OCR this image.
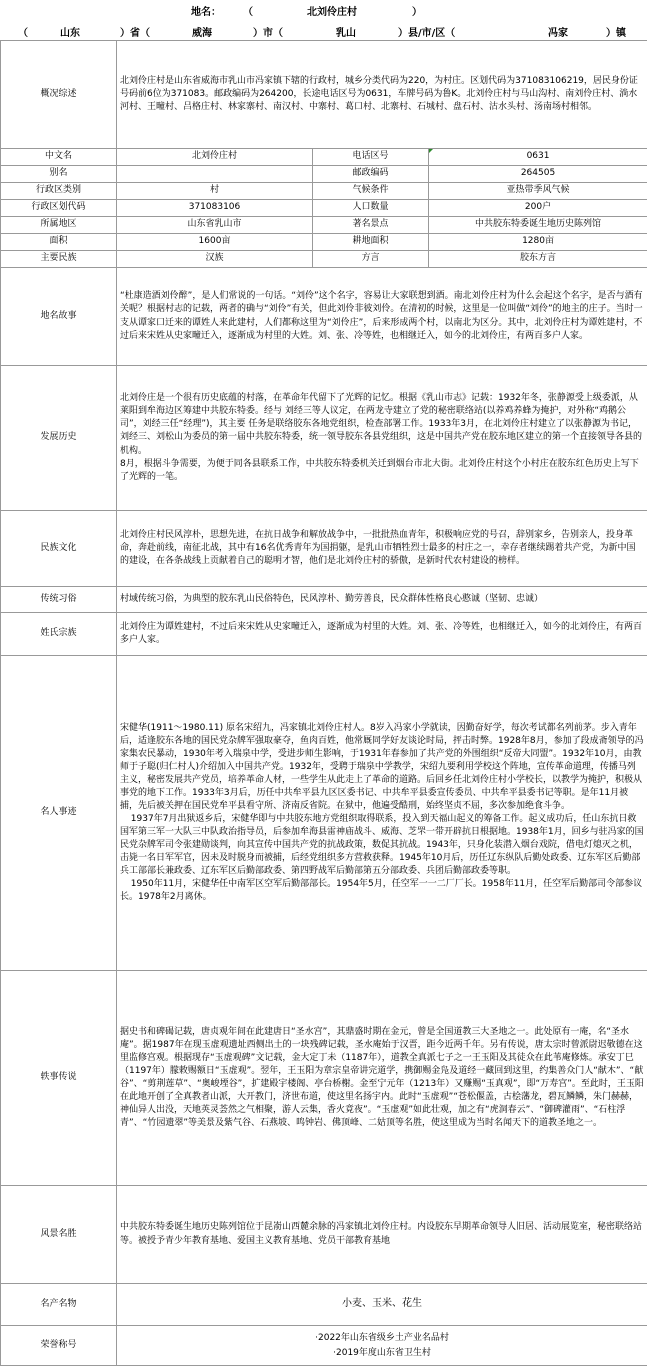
地名： （	北刘伶庄村	）
（	山东	）省（	威海	）市（	乳山	）县/市/区（	冯家	）镇
概况综述	北刘伶庄村是山东省威海市乳山市冯家镇下辖的行政村，城乡分类代码为220，为村庄。区划代码为371083106219，居民身份证号码前6位为371083。邮政编码为264200，长途电话区号为0631，车牌号码为鲁K。北刘伶庄村与马山沟村、南刘伶庄村、淌水河村、王疃村、吕格庄村、林家寨村、南汉村、中寨村、葛口村、北寨村、石城村、盘石村、沽水头村、汤南场村相邻。		
中文名	北刘伶庄村	电话区号	0631
别名		邮政编码	264505
行政区类别	村	气候条件	亚热带季风气候
行政区划代码	371083106	人口数量	200户
所属地区	山东省乳山市	著名景点	中共胶东特委诞生地历史陈列馆
面积	1600亩	耕地面积	1280亩
主要民族	汉族	方言	胶东方言
地名故事	“杜康造酒刘伶醉”，是人们常说的一句话。“刘伶”这个名字，容易让大家联想到酒。南北刘伶庄村为什么会起这个名字，是否与酒有关呢？根据村志的记载，两者的确与“刘伶”有关，但此刘伶非彼刘伶。在清初的时候，这里是一位叫做“刘伶”的地主的庄子。当时一支从谭家口迁来的谭姓人来此建村，人们都称这里为“刘伶庄”，后来形成两个村，以南北为区分。其中，北刘伶庄村为谭姓建村，不过后来宋姓从史家疃迁入，逐渐成为村里的大姓。刘、张、冷等姓，也相继迁入，如今的北刘伶庄，有两百多户人家。		
发展历史	北刘伶庄是一个很有历史底蕴的村落，在革命年代留下了光辉的记忆。根据《乳山市志》记载：1932年冬，张静源受上级委派，从莱阳到牟海边区筹建中共胶东特委。经与 刘经三等人议定，在两龙寺建立了党的秘密联络站(以养鸡养蜂为掩护，对外称“鸡鹅公司”，刘经三任“经理”)，其主要 任务是联络胶东各地党组织，检查部署工作。1933年3月，在北刘伶庄村建立了以张静源为书记，刘经三、刘松山为委员的第一届中共胶东特委，统一领导胶东各县党组织，这是中国共产党在胶东地区建立的第一个直接领导各县的机构。

8月，根据斗争需要，为便于同各县联系工作，中共胶东特委机关迁到烟台市北大街。北刘伶庄村这个小村庄在胶东红色历史上写下了光辉的一笔。		

民族文化	北刘伶庄村民风淳朴，思想先进，在抗日战争和解放战争中，一批批热血青年，积极响应党的号召，辞别家乡，告别亲人，投身革命，奔赴前线，南征北战，其中有16名优秀青年为国捐躯，是乳山市牺牲烈士最多的村庄之一，幸存者继续踢着共产党，为新中国的建设，在各条战线上贡献着自己的聪明才智，他们是北刘伶庄村的骄傲，是新时代农村建设的榜样。		
传统习俗	村域传统习俗，为典型的胶东乳山民俗特色，民风淳朴、勤劳善良，民众群体性格良心憨诚（坚韧、忠诚）		
姓氏宗族	北刘伶庄为谭姓建村，不过后来宋姓从史家疃迁入，逐渐成为村里的大姓。刘、张、冷等姓，也相继迁入，如今的北刘伶庄，有两百多户人家。		
名人事迹	宋健华(1911～1980.11) 原名宋绍九，冯家镇北刘伶庄村人。8岁入冯家小学就读，因勤奋好学，每次考试都名列前茅。步入青年后，适逢胶东各地的国民党杂牌军强取豪夺，鱼肉百姓，他常厩同学好友谈论时局，抨击时弊。1928年8月，参加了段成斋领导的冯家集农民暴动，1930年考入瑞泉中学，受进步师生影响，于1931年春参加了共产党的外围组织“反帝大同盟”。1932年10月，由教师于子聪(归仁村人)介绍加入中国共产党。1932年，受聘于瑞泉中学教学，宋绍九要利用学校这个阵地，宣传革命道理，传播马列主义，秘密发展共产党员，培养革命人材，一些学生从此走上了革命的道路。后回乡任北刘伶庄村小学校长，以教学为掩护，积极从事党的地下工作。1933年3月后，历任中共牟平县九区区委书记、中共牟平县委宣传委员、中共牟平县委书记等职。是年11月被捕，先后被关押在国民党牟平县看守所、济南反省院。在狱中，他遍受酷刑，始终坚贞不屈，多次参加绝食斗争。

1937年7月出狱返乡后，宋健华即与中共胶东地方党组织取得联系，投入到天福山起义的筹备工作。起义成功后，任山东抗日救国军第三军一大队三中队政治指导员，后参加牟海县雷神庙战斗、威海、芝罘一带开辟抗日根据地。1938年1月，回乡与驻冯家的国民党杂牌军司令张建勋谈判，向其宣传中国共产党的抗战政策，数促其抗战。1943年，只身化装潜入烟台戏院，借电灯熄灭之机，击毙一名日军军官，因未及时脱身而被捕，后经党组织多方营救获释。1945年10月后，历任辽东纵队后勤处政委、辽东军区后勤部兵工部部长兼政委、辽东军区后勤部政委、第四野战军后勤部第五分部政委、兵团后勤部政委等职。

1950年11月，宋健华任中南军区空军后勤部部长。1954年5月，任空军一一二厂厂长。1958年11月，任空军后勤部司令部参议长。1978年2月离休。		

轶事传说	据史书和碑碣记载，唐贞观年间在此建唐日“圣水宫”，其鼎盛时期在金元，曾是全国道教三大圣地之一。此处原有一庵，名“圣水庵”。据1987年在现玉虚观遗址西侧出土的一块残碑记载，圣水庵始于汉晋，距今近两千年。另有传说，唐太宗时曾派尉迟敬德在这里监修宫观。根据现存“玉虚观碑”文记载，金大定丁未（1187年），道教全真派七子之一王玉阳及其徒众在此苇庵修炼。承安丁巳（1197年）朦敕赐额日“玉虚观”。翌年，王玉阳为章宗皇帝讲完道学，携御赐金凫及道经一藏回到这里，约集善众门人“献木”、“献谷”、“剪荆莲草”、“奥峻堙谷”，扩建殿宇楼阁、亭台桥榭。金至宁元年（1213年）又赚赐“玉真观”，即“万寿宫”。至此时，王玉阳在此地开创了全真教者山派，大开教门，济世布道，使这里名扬宇内。此时“玉虚观”“苍松偃盖，古桧藩龙，碧瓦鳞鳞，朱门赫赫，神仙异人出没，天地英灵荟然之气相聚，游人云集，香火竟夜”。“玉虚观”如此壮观，加之有“虎洞春云”、“御碑灌雨”、“石柱浮青”、“竹园遗翠”等美景及紫气谷、石燕坡、鸣钟岩、佛顶峰、二姑顶等名胜，使这里成为当时名闻天下的道教圣地之一。		
风景名胜	中共胶东特委诞生地历史陈列馆位于昆嵛山西麓余脉的冯家镇北刘伶庄村。内设胶东早期革命领导人旧居、活动展览室，秘密联络站等。被授予青少年教育基地、爱国主义教育基地、党员干部教育基地		
名产名物	小麦、玉米、花生		
荣誉称号	·2022年山东省级乡土产业名品村
·2019年度山东省卫生村		
